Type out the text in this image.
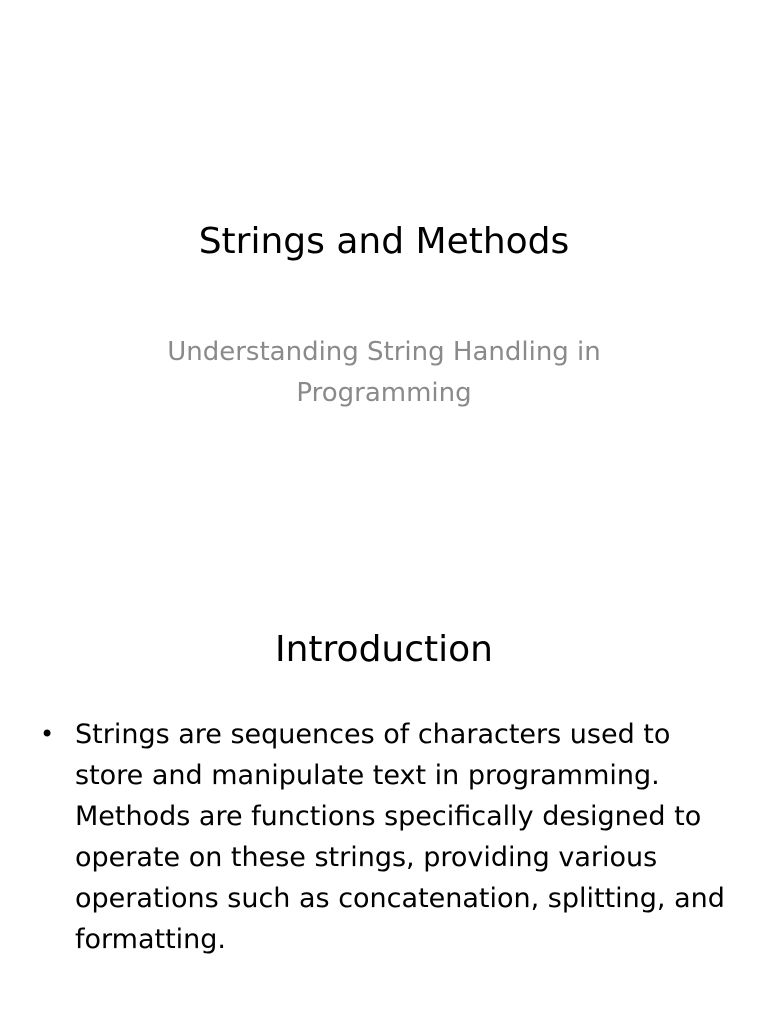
Strings and Methods

Understanding String Handling in Programming

Introduction
• Strings are sequences of characters used to store and manipulate text in programming. Methods are functions specifically designed to operate on these strings, providing various operations such as concatenation, splitting, and formatting.
